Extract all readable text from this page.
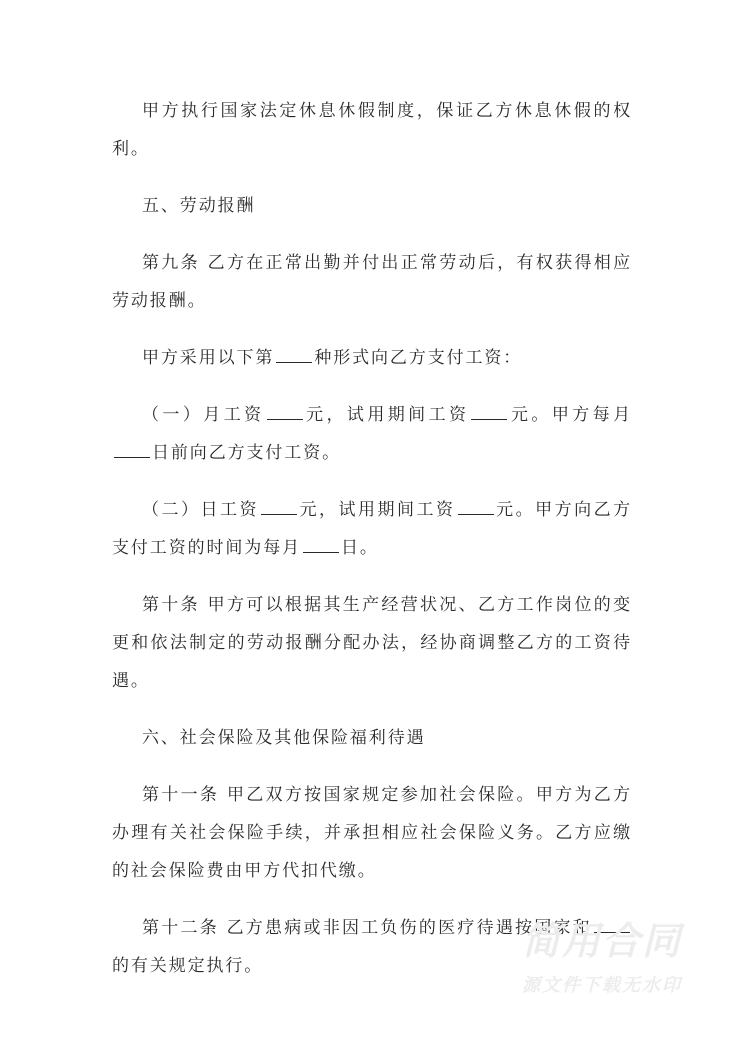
甲方执行国家法定休息休假制度，保证乙方休息休假的权利。

五、劳动报酬

第九条 乙方在正常出勤并付出正常劳动后，有权获得相应劳动报酬。

甲方采用以下第 种形式向乙方支付工资：

（一）月工资 元，试用期间工资 元。甲方每月日前向乙方支付工资。

（二）日工资 元，试用期间工资 元。甲方向乙方支付工资的时间为每月 日。

第十条 甲方可以根据其生产经营状况、乙方工作岗位的变更和依法制定的劳动报酬分配办法，经协商调整乙方的工资待遇。

六、社会保险及其他保险福利待遇

第十一条 甲乙双方按国家规定参加社会保险。甲方为乙方办理有关社会保险手续，并承担相应社会保险义务。乙方应缴的社会保险费由甲方代扣代缴。

第十二条 乙方患病或非因工负伤的医疗待遇按国家和的有关规定执行。

简用合同
源文件下载无水印
